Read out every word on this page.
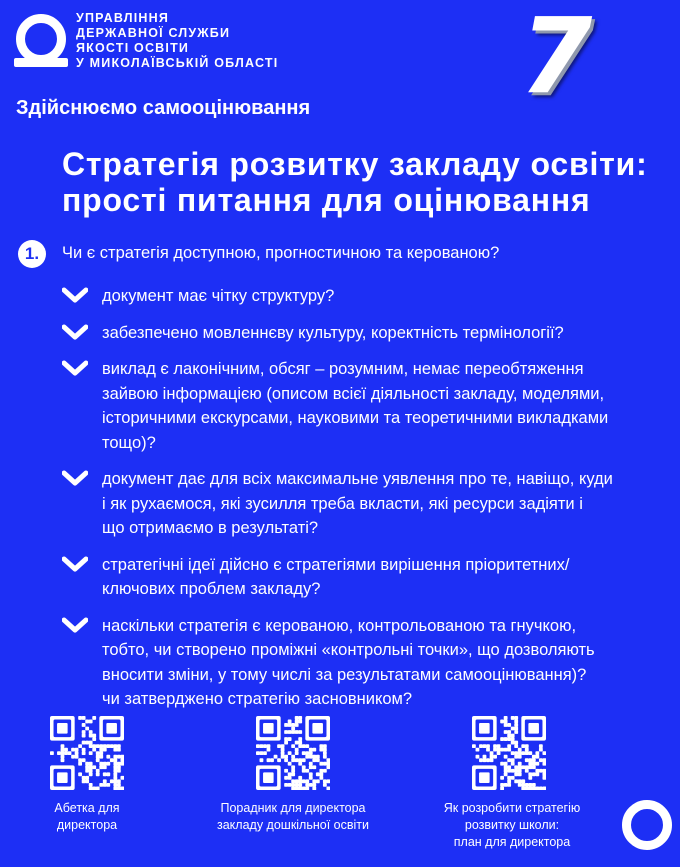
УПРАВЛІННЯ
ДЕРЖАВНОЇ СЛУЖБИ
ЯКОСТІ ОСВІТИ
У МИКОЛАЇВСЬКІЙ ОБЛАСТІ 7
Здійснюємо самооцінювання
Стратегія розвитку закладу освіти:
прості питання для оцінювання
1.	Чи є стратегія доступною, прогностичною та керованою?
документ має чітку структуру?
забезпечено мовленнєву культуру, коректність термінології?
виклад є лаконічним, обсяг – розумним, немає переобтяження
зайвою інформацією (описом всієї діяльності закладу, моделями,
історичними екскурсами, науковими та теоретичними викладками
тощо)?
документ дає для всіх максимальне уявлення про те, навіщо, куди
і як рухаємося, які зусилля треба вкласти, які ресурси задіяти і
що отримаємо в результаті?
стратегічні ідеї дійсно є стратегіями вирішення пріоритетних/
ключових проблем закладу?
наскільки стратегія є керованою, контрольованою та гнучкою,
тобто, чи створено проміжні «контрольні точки», що дозволяють
вносити зміни, у тому числі за результатами самооцінювання)?
чи затверджено стратегію засновником?
Абетка для
директора
Порадник для директора
закладу дошкільної освіти
Як розробити стратегію
розвитку школи:
план для директора
